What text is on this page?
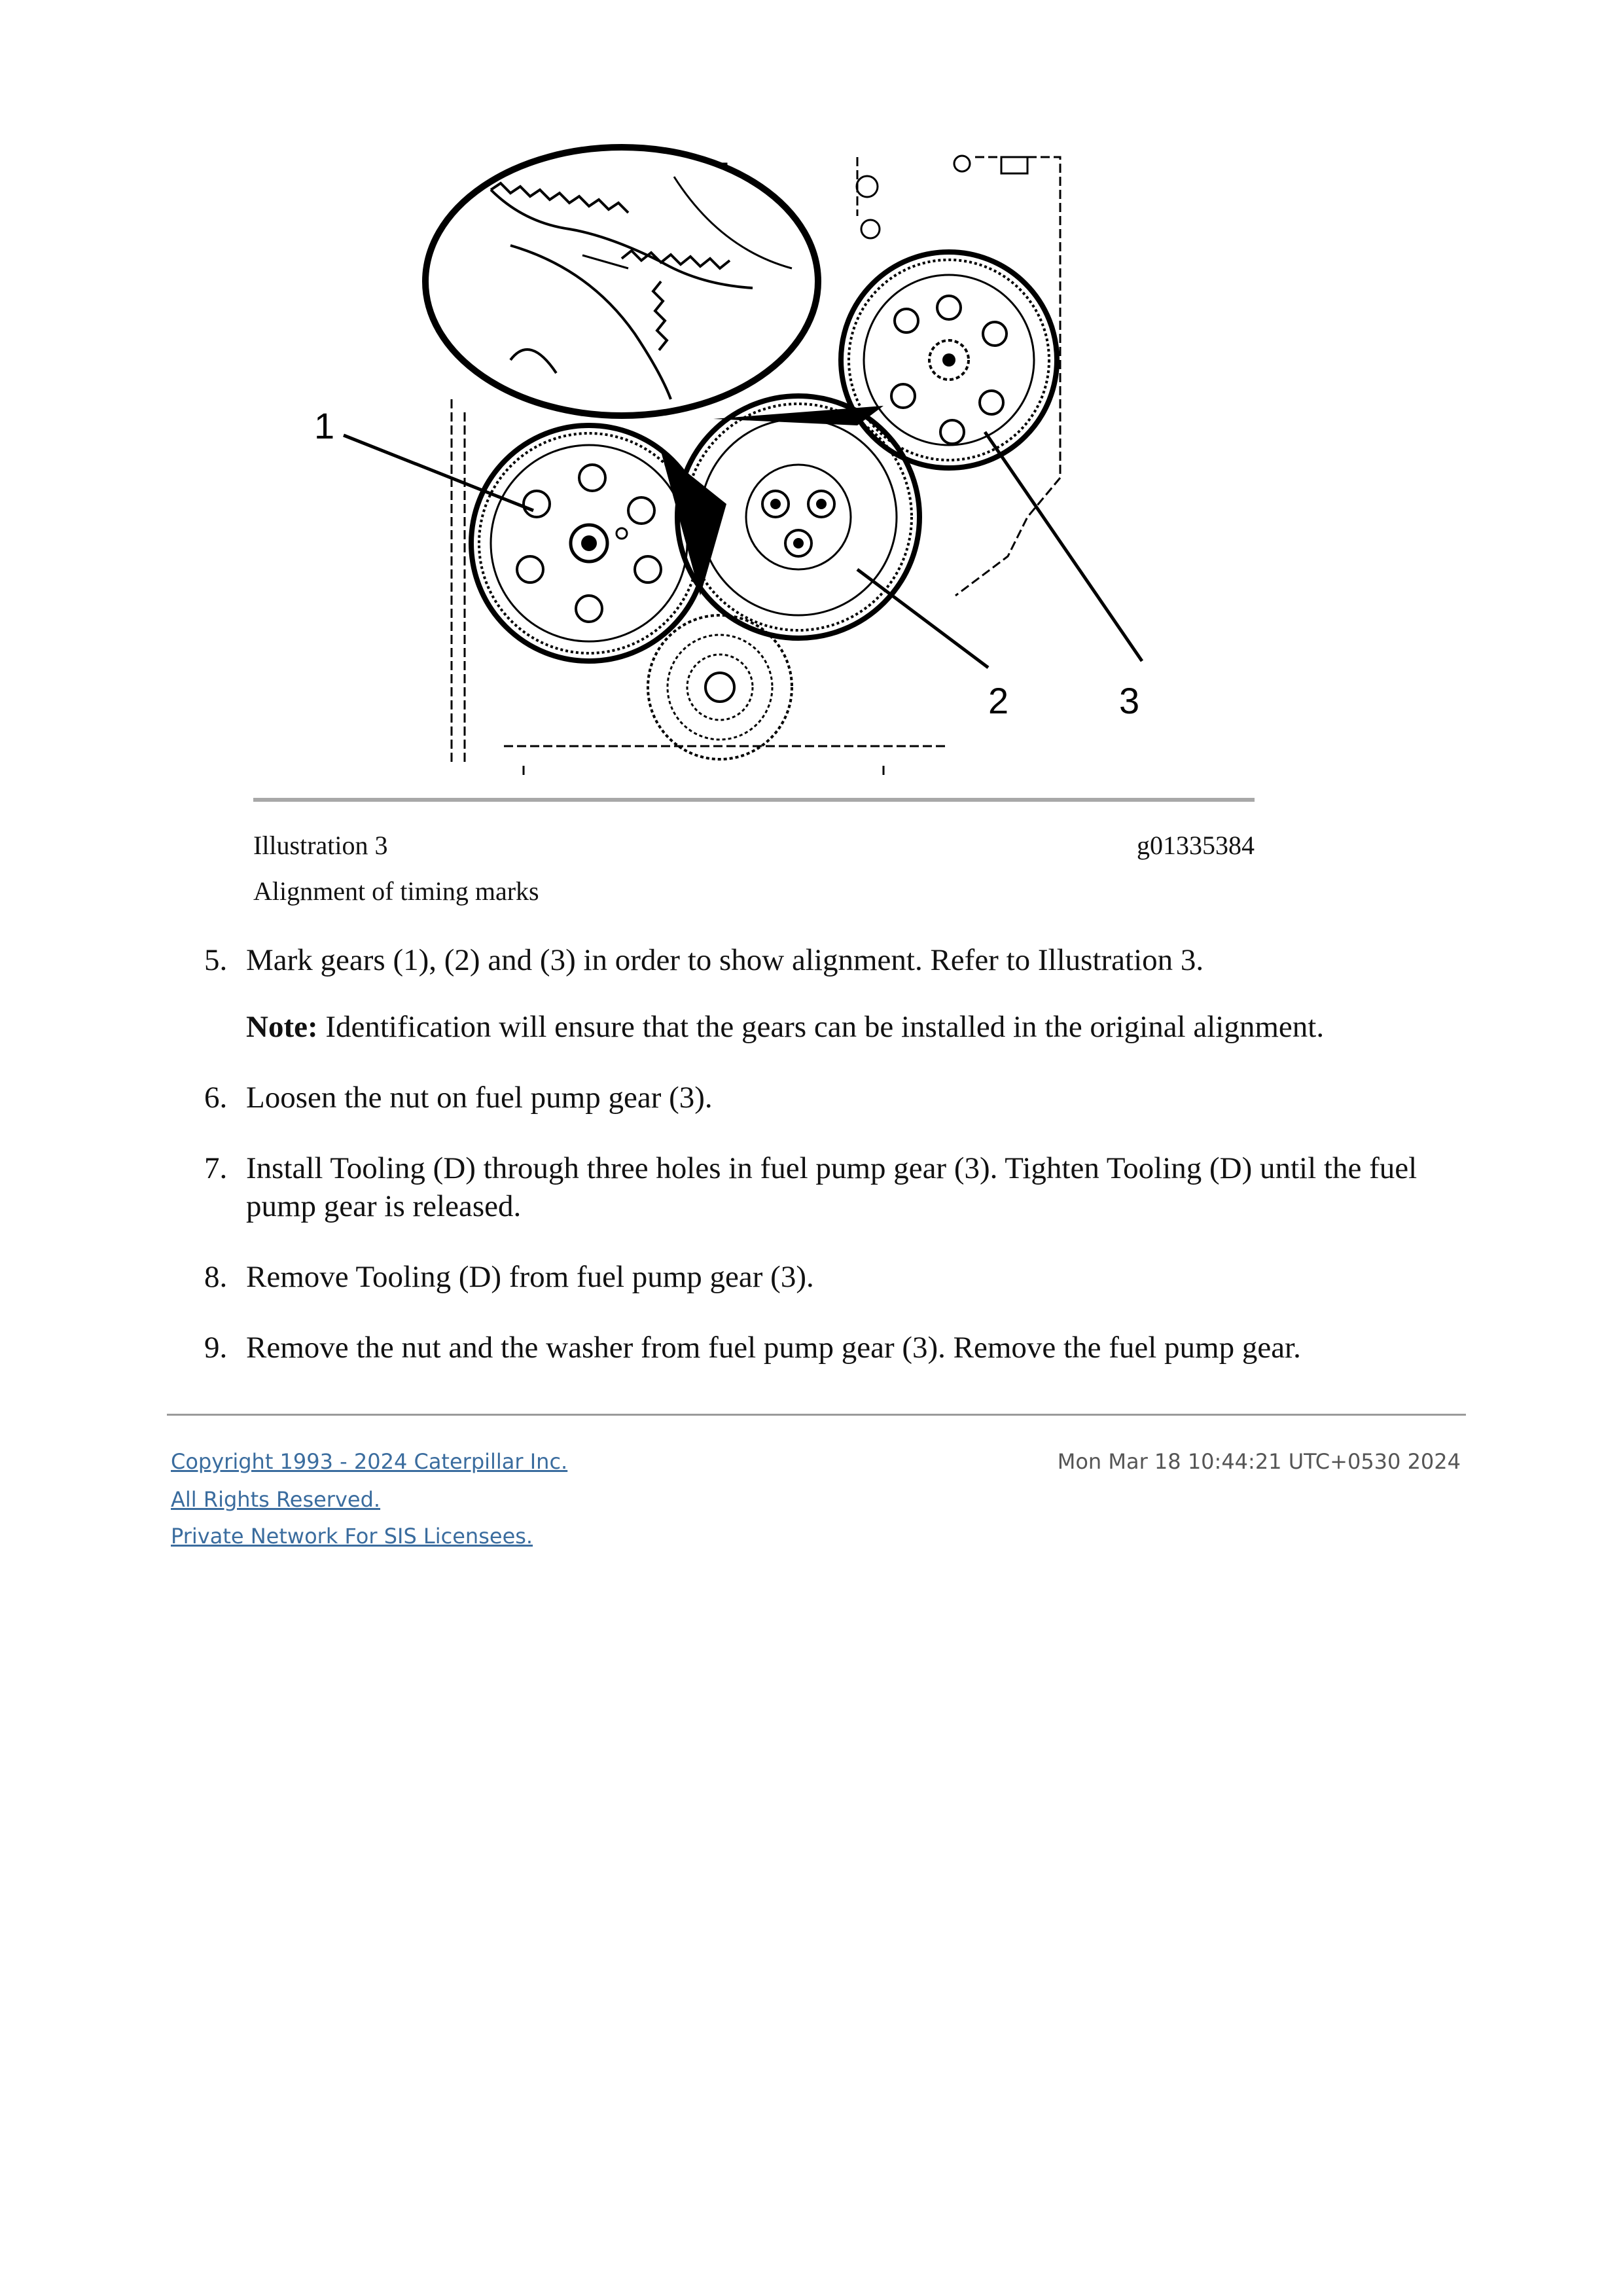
1
2	3
Illustration 3	g01335384
Alignment of timing marks
5. Mark gears (1), (2) and (3) in order to show alignment. Refer to Illustration 3.
Note: Identification will ensure that the gears can be installed in the original alignment.
6. Loosen the nut on fuel pump gear (3).
7. Install Tooling (D) through three holes in fuel pump gear (3). Tighten Tooling (D) until the fuel pump gear is released.
8. Remove Tooling (D) from fuel pump gear (3).
9. Remove the nut and the washer from fuel pump gear (3). Remove the fuel pump gear.
Copyright 1993 - 2024 Caterpillar Inc.
All Rights Reserved.
Private Network For SIS Licensees.
Mon Mar 18 10:44:21 UTC+0530 2024
